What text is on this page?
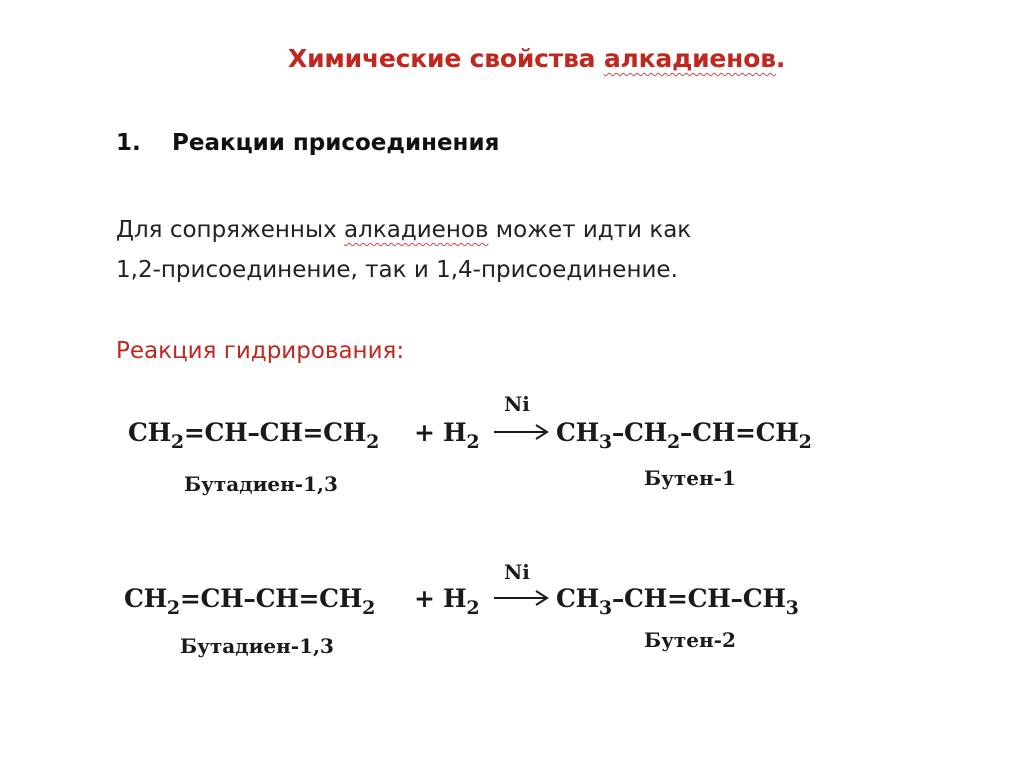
Химические свойства алкадиенов.
1. Реакции присоединения
Для сопряженных алкадиенов может идти как
1,2-присоединение, так и 1,4-присоединение.
Реакция гидрирования:
$CH_2=CH-CH=CH_2 + H_2$
Ni
→ $CH_3-CH_2-CH=CH_2$
Бутадиен-1,3	Бутен-1
$CH_2=CH-CH=CH_2 + H_2$
Ni
→ $CH_3-CH=CH-CH_3$
Бутадиен-1,3	Бутен-2
